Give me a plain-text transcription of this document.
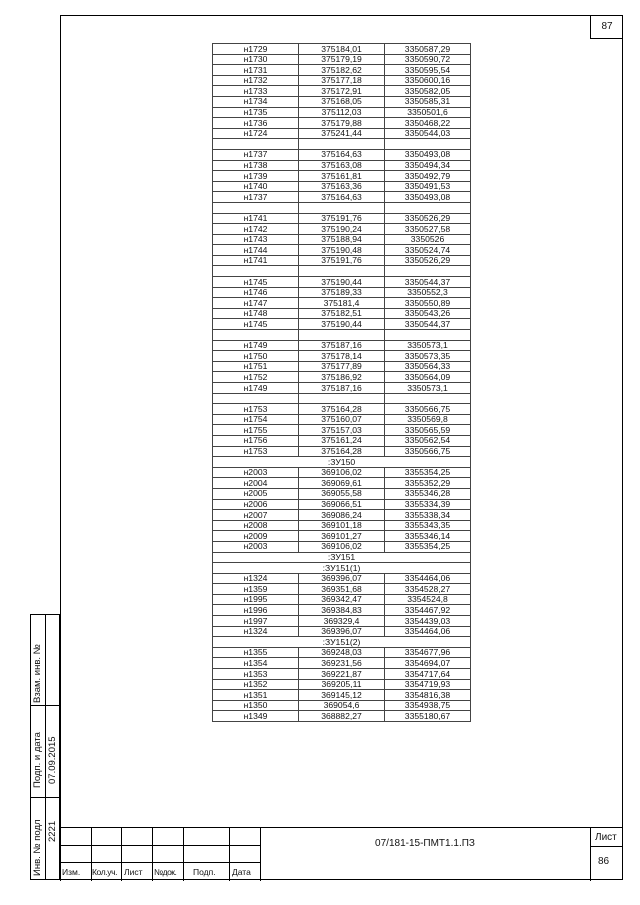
87
н1729	375184,01	3350587,29
н1730	375179,19	3350590,72
н1731	375182,62	3350595,54
н1732	375177,18	3350600,16
н1733	375172,91	3350582,05
н1734	375168,05	3350585,31
н1735	375112,03	3350501,6
н1736	375179,88	3350468,22
н1724	375241,44	3350544,03

н1737	375164,63	3350493,08
н1738	375163,08	3350494,34
н1739	375161,81	3350492,79
н1740	375163,36	3350491,53
н1737	375164,63	3350493,08

н1741	375191,76	3350526,29
н1742	375190,24	3350527,58
н1743	375188,94	3350526
н1744	375190,48	3350524,74
н1741	375191,76	3350526,29

н1745	375190,44	3350544,37
н1746	375189,33	3350552,3
н1747	375181,4	3350550,89
н1748	375182,51	3350543,26
н1745	375190,44	3350544,37

н1749	375187,16	3350573,1
н1750	375178,14	3350573,35
н1751	375177,89	3350564,33
н1752	375186,92	3350564,09
н1749	375187,16	3350573,1

н1753	375164,28	3350566,75
н1754	375160,07	3350569,8
н1755	375157,03	3350565,59
н1756	375161,24	3350562,54
н1753	375164,28	3350566,75
:ЗУ150		
н2003	369106,02	3355354,25
н2004	369069,61	3355352,29
н2005	369055,58	3355346,28
н2006	369066,51	3355334,39
н2007	369086,24	3355338,34
н2008	369101,18	3355343,35
н2009	369101,27	3355346,14
н2003	369106,02	3355354,25
:ЗУ151		
:ЗУ151(1)		
н1324	369396,07	3354464,06
н1359	369351,68	3354528,27
н1995	369342,47	3354524,8
н1996	369384,83	3354467,92
н1997	369329,4	3354439,03
н1324	369396,07	3354464,06
:ЗУ151(2)		
н1355	369248,03	3354677,96
н1354	369231,56	3354694,07
н1353	369221,87	3354717,64
н1352	369205,11	3354719,93
н1351	369145,12	3354816,38
н1350	369054,6	3354938,75
н1349	368882,27	3355180,67
Взам. инв. №
Подп. и дата 07.09.2015
Инв. № подл 2221
Изм. Кол.уч. Лист №док. Подп. Дата
Лист
86
07/181-15-ПМТ1.1.ПЗ
